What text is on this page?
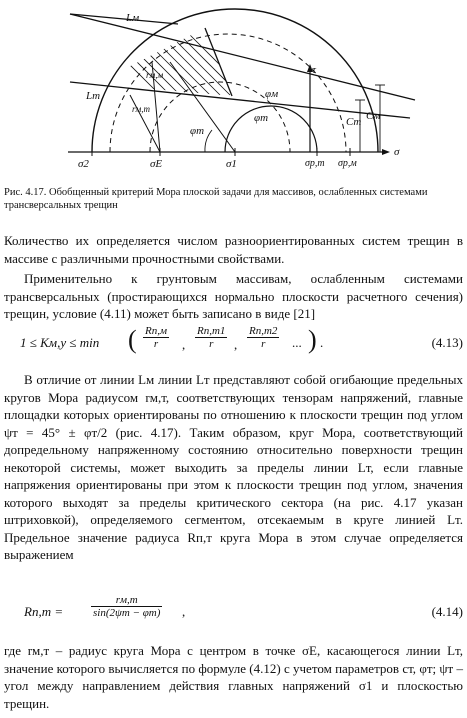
Lм
Lт
τ
φм
φт
φт
Cт Cм
rм,м
rм,т
σ2	σE	σ1	σр,т σр,м
σ
Рис. 4.17. Обобщенный критерий Мора плоской задачи для массивов, ослабленных системами трансверсальных трещин
Количество их определяется числом разноориентированных систем трещин в массиве с различными прочностными свойствами.
Применительно к грунтовым массивам, ослабленным системами трансверсальных (простирающихся нормально плоскости расчетного сечения) трещин, условие (4.11) может быть записано в виде [21]
1 ≤ Kм,у ≤ min ( Rп,м
r	,
Rп,т1
r	,
Rп,т2
r	... ) .	(4.13)
В отличие от линии Lм линии Lт представляют собой огибающие предельных кругов Мора радиусом rм,т, соответствующих тензорам напряжений, главные площадки которых ориентированы по отношению к плоскости трещин под углом ψт = 45° ± φт/2 (рис. 4.17). Таким образом, круг Мора, соответствующий допредельному напряженному состоянию относительно поверхности трещин некоторой системы, может выходить за пределы линии Lт, если главные напряжения ориентированы при этом к плоскости трещин под углом, значения которого выходят за пределы критического сектора (на рис. 4.17 указан штриховкой), определяемого сегментом, отсекаемым в круге линией Lт. Предельное значение радиуса Rп,т круга Мора в этом случае определяется выражением
Rп,т =
rм,т
sin(2ψт − φт) ,	(4.14)
где rм,т – радиус круга Мора с центром в точке σE, касающегося линии Lт, значение которого вычисляется по формуле (4.12) с учетом параметров cт, φт; ψт – угол между направлением действия главных напряжений σ1 и плоскостью трещин.
